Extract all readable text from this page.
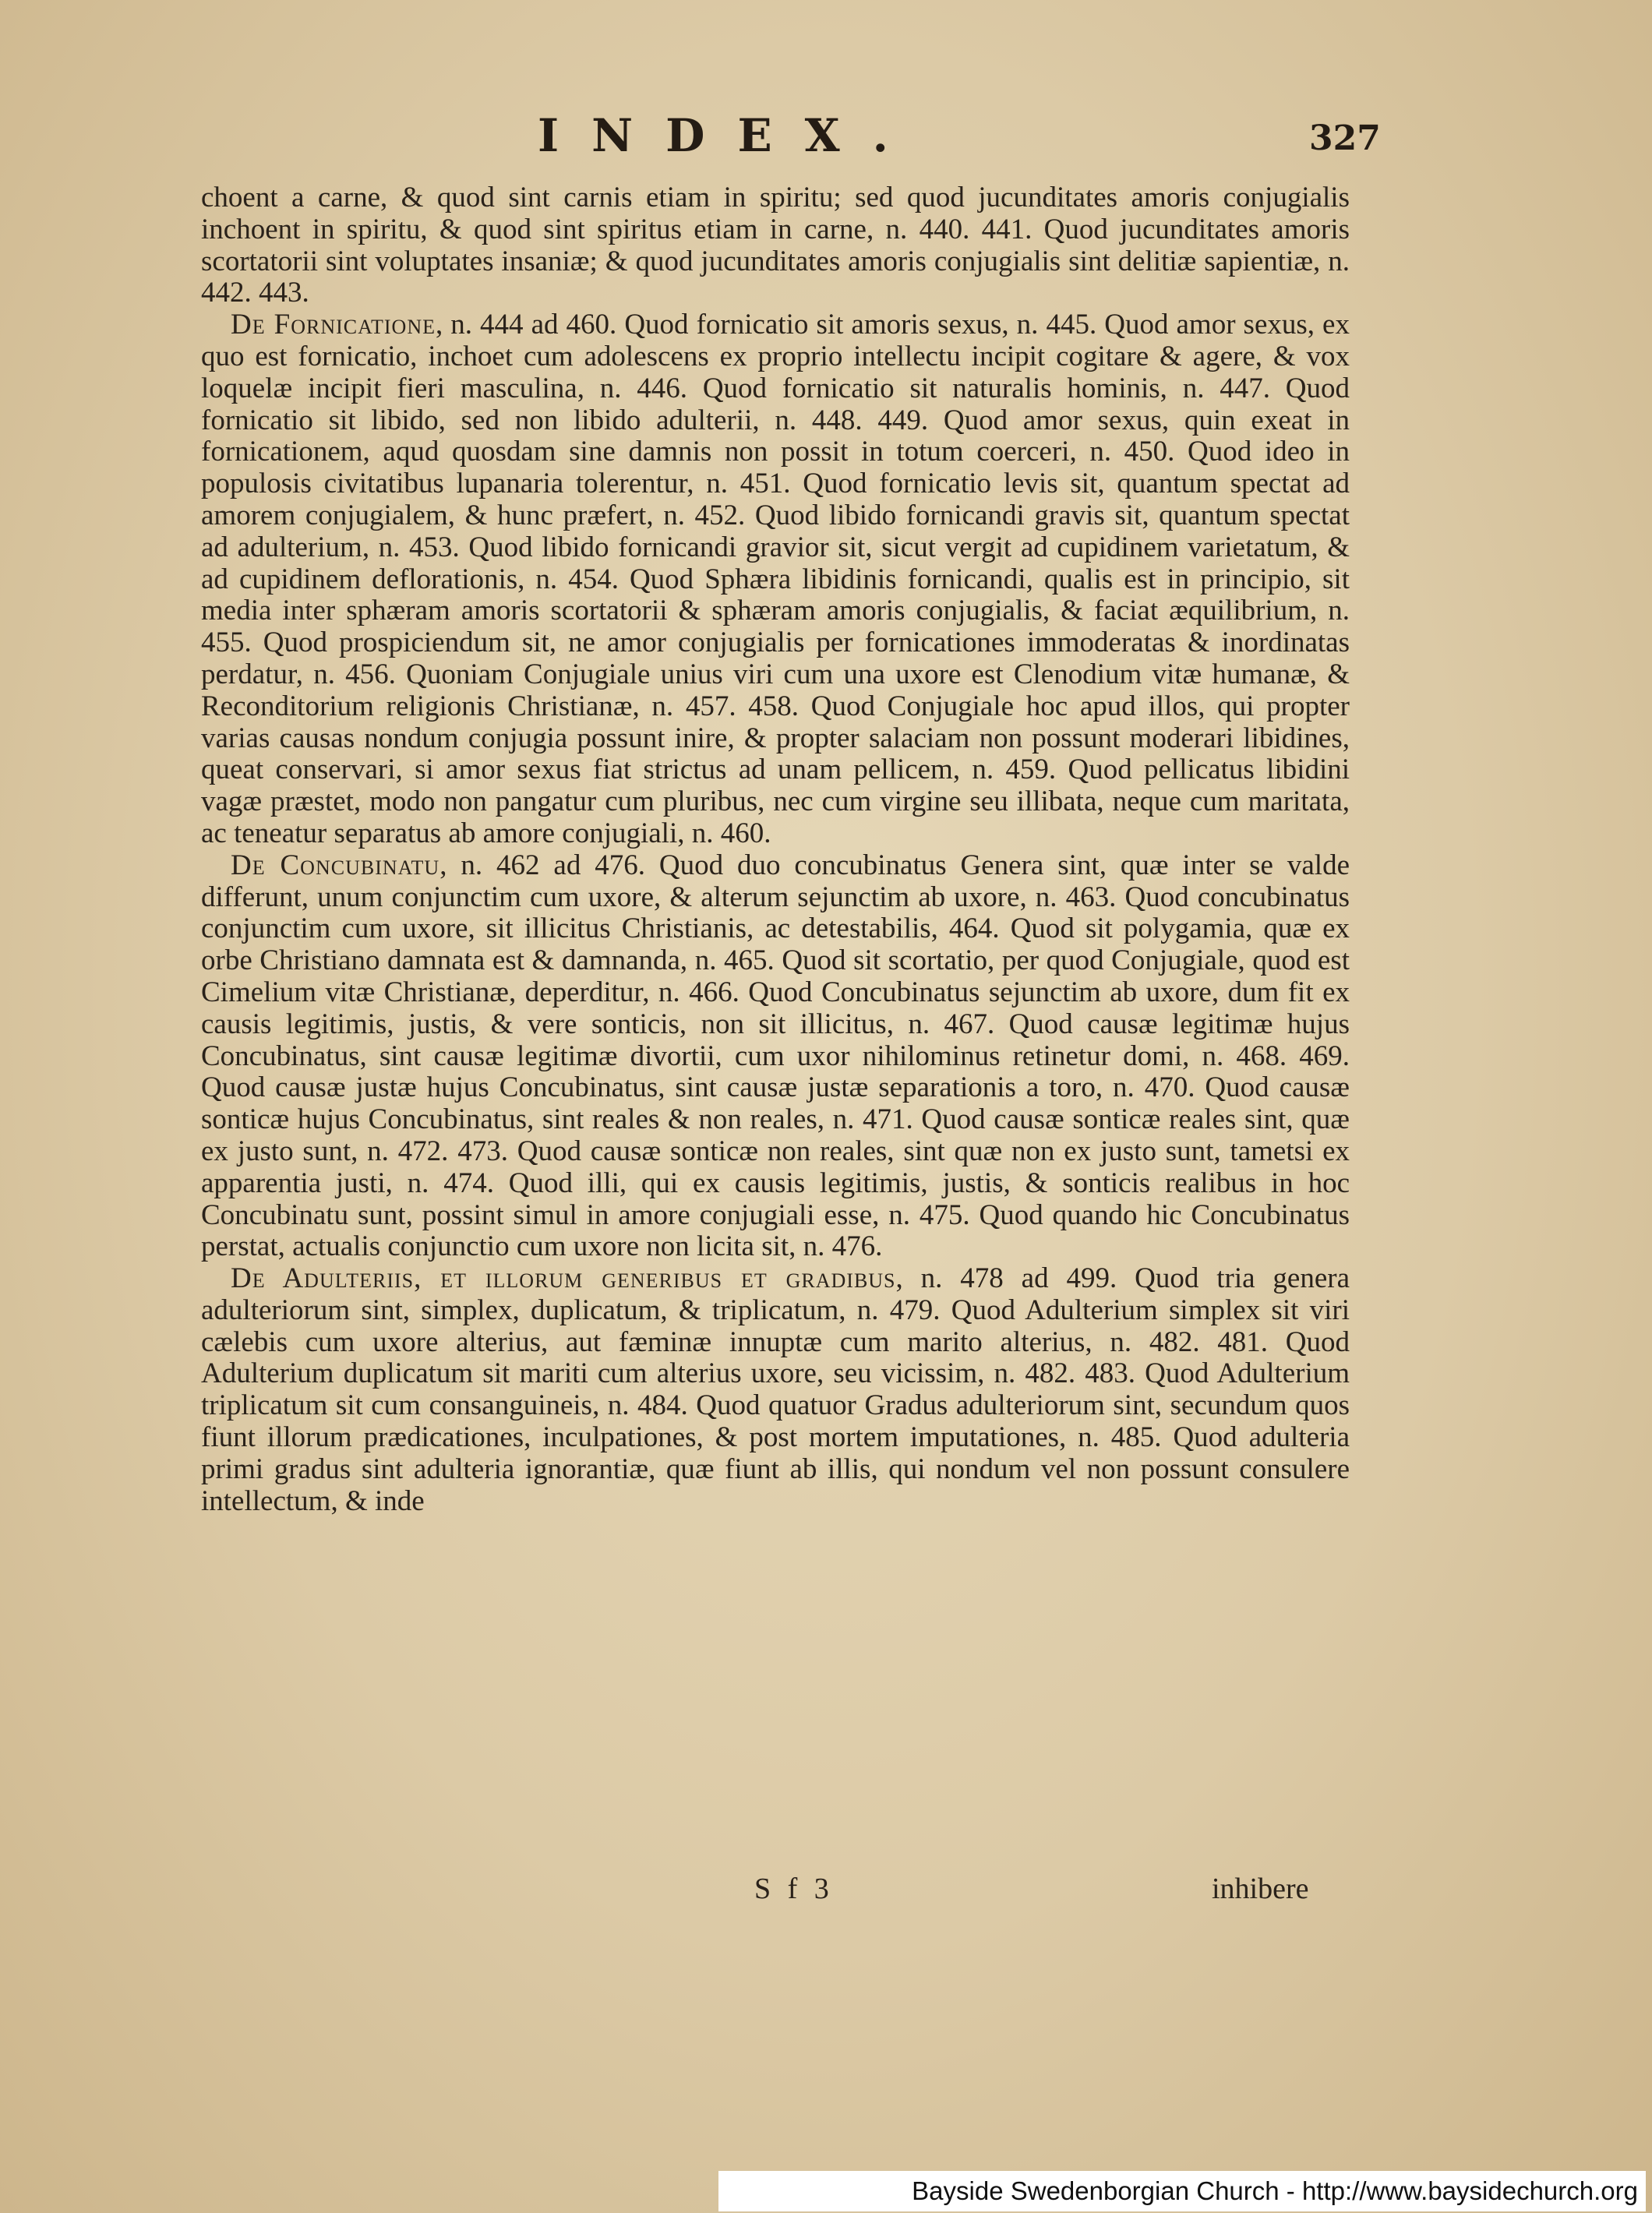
INDEX.	327

choent a carne, & quod sint carnis etiam in spiritu; sed quod jucunditates amoris conjugialis inchoent in spiritu, & quod sint spiritus etiam in carne, n. 440. 441. Quod jucunditates amoris scortatorii sint voluptates insaniæ; & quod jucunditates amoris conjugialis sint delitiæ sapientiæ, n. 442. 443.

De Fornicatione, n. 444 ad 460. Quod fornicatio sit amoris sexus, n. 445. Quod amor sexus, ex quo est fornicatio, inchoet cum adolescens ex proprio intellectu incipit cogitare & agere, & vox loquelæ incipit fieri masculina, n. 446. Quod fornicatio sit naturalis hominis, n. 447. Quod fornicatio sit libido, sed non libido adulterii, n. 448. 449. Quod amor sexus, quin exeat in fornicationem, aqud quosdam sine damnis non possit in totum coerceri, n. 450. Quod ideo in populosis civitatibus lupanaria tolerentur, n. 451. Quod fornicatio levis sit, quantum spectat ad amorem conjugialem, & hunc præfert, n. 452. Quod libido fornicandi gravis sit, quantum spectat ad adulterium, n. 453. Quod libido fornicandi gravior sit, sicut vergit ad cupidinem varietatum, & ad cupidinem deflorationis, n. 454. Quod Sphæra libidinis fornicandi, qualis est in principio, sit media inter sphæram amoris scortatorii & sphæram amoris conjugialis, & faciat æquilibrium, n. 455. Quod prospiciendum sit, ne amor conjugialis per fornicationes immoderatas & inordinatas perdatur, n. 456. Quoniam Conjugiale unius viri cum una uxore est Clenodium vitæ humanæ, & Reconditorium religionis Christianæ, n. 457. 458. Quod Conjugiale hoc apud illos, qui propter varias causas nondum conjugia possunt inire, & propter salaciam non possunt moderari libidines, queat conservari, si amor sexus fiat strictus ad unam pellicem, n. 459. Quod pellicatus libidini vagæ præstet, modo non pangatur cum pluribus, nec cum virgine seu illibata, neque cum maritata, ac teneatur separatus ab amore conjugiali, n. 460.

De Concubinatu, n. 462 ad 476. Quod duo concubinatus Genera sint, quæ inter se valde differunt, unum conjunctim cum uxore, & alterum sejunctim ab uxore, n. 463. Quod concubinatus conjunctim cum uxore, sit illicitus Christianis, ac detestabilis, 464. Quod sit polygamia, quæ ex orbe Christiano damnata est & damnanda, n. 465. Quod sit scortatio, per quod Conjugiale, quod est Cimelium vitæ Christianæ, deperditur, n. 466. Quod Concubinatus sejunctim ab uxore, dum fit ex causis legitimis, justis, & vere sonticis, non sit illicitus, n. 467. Quod causæ legitimæ hujus Concubinatus, sint causæ legitimæ divortii, cum uxor nihilominus retinetur domi, n. 468. 469. Quod causæ justæ hujus Concubinatus, sint causæ justæ separationis a toro, n. 470. Quod causæ sonticæ hujus Concubinatus, sint reales & non reales, n. 471. Quod causæ sonticæ reales sint, quæ ex justo sunt, n. 472. 473. Quod causæ sonticæ non reales, sint quæ non ex justo sunt, tametsi ex apparentia justi, n. 474. Quod illi, qui ex causis legitimis, justis, & sonticis realibus in hoc Concubinatu sunt, possint simul in amore conjugiali esse, n. 475. Quod quando hic Concubinatus perstat, actualis conjunctio cum uxore non licita sit, n. 476.

De Adulteriis, et illorum generibus et gradibus, n. 478 ad 499. Quod tria genera adulteriorum sint, simplex, duplicatum, & triplicatum, n. 479. Quod Adulterium simplex sit viri cælebis cum uxore alterius, aut fæminæ innuptæ cum marito alterius, n. 482. 481. Quod Adulterium duplicatum sit mariti cum alterius uxore, seu vicissim, n. 482. 483. Quod Adulterium triplicatum sit cum consanguineis, n. 484. Quod quatuor Gradus adulteriorum sint, secundum quos fiunt illorum prædicationes, inculpationes, & post mortem imputationes, n. 485. Quod adulteria primi gradus sint adulteria ignorantiæ, quæ fiunt ab illis, qui nondum vel non possunt consulere intellectum, & inde

S f 3	inhibere
Bayside Swedenborgian Church - http://www.baysidechurch.org
